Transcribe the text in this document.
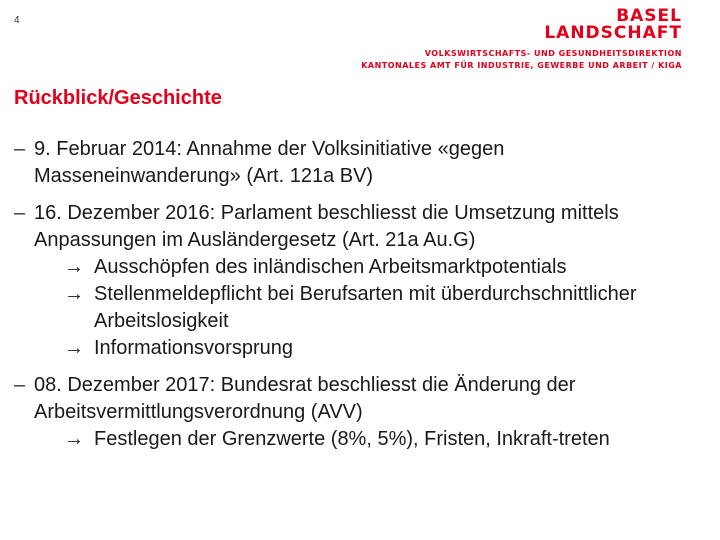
4	BASEL
LANDSCHAFT
VOLKSWIRTSCHAFTS- UND GESUNDHEITSDIREKTION
KANTONALES AMT FÜR INDUSTRIE, GEWERBE UND ARBEIT / KIGA
Rückblick/Geschichte
– 9. Februar 2014: Annahme der Volksinitiative «gegen Masseneinwanderung» (Art. 121a BV)
– 16. Dezember 2016: Parlament beschliesst die Umsetzung mittels Anpassungen im Ausländergesetz (Art. 21a Au.G)
→ Ausschöpfen des inländischen Arbeitsmarktpotentials
→ Stellenmeldepflicht bei Berufsarten mit überdurchschnittlicher Arbeitslosigkeit
→ Informationsvorsprung
– 08. Dezember 2017: Bundesrat beschliesst die Änderung der Arbeitsvermittlungsverordnung (AVV)
→ Festlegen der Grenzwerte (8%, 5%), Fristen, Inkraft-treten
